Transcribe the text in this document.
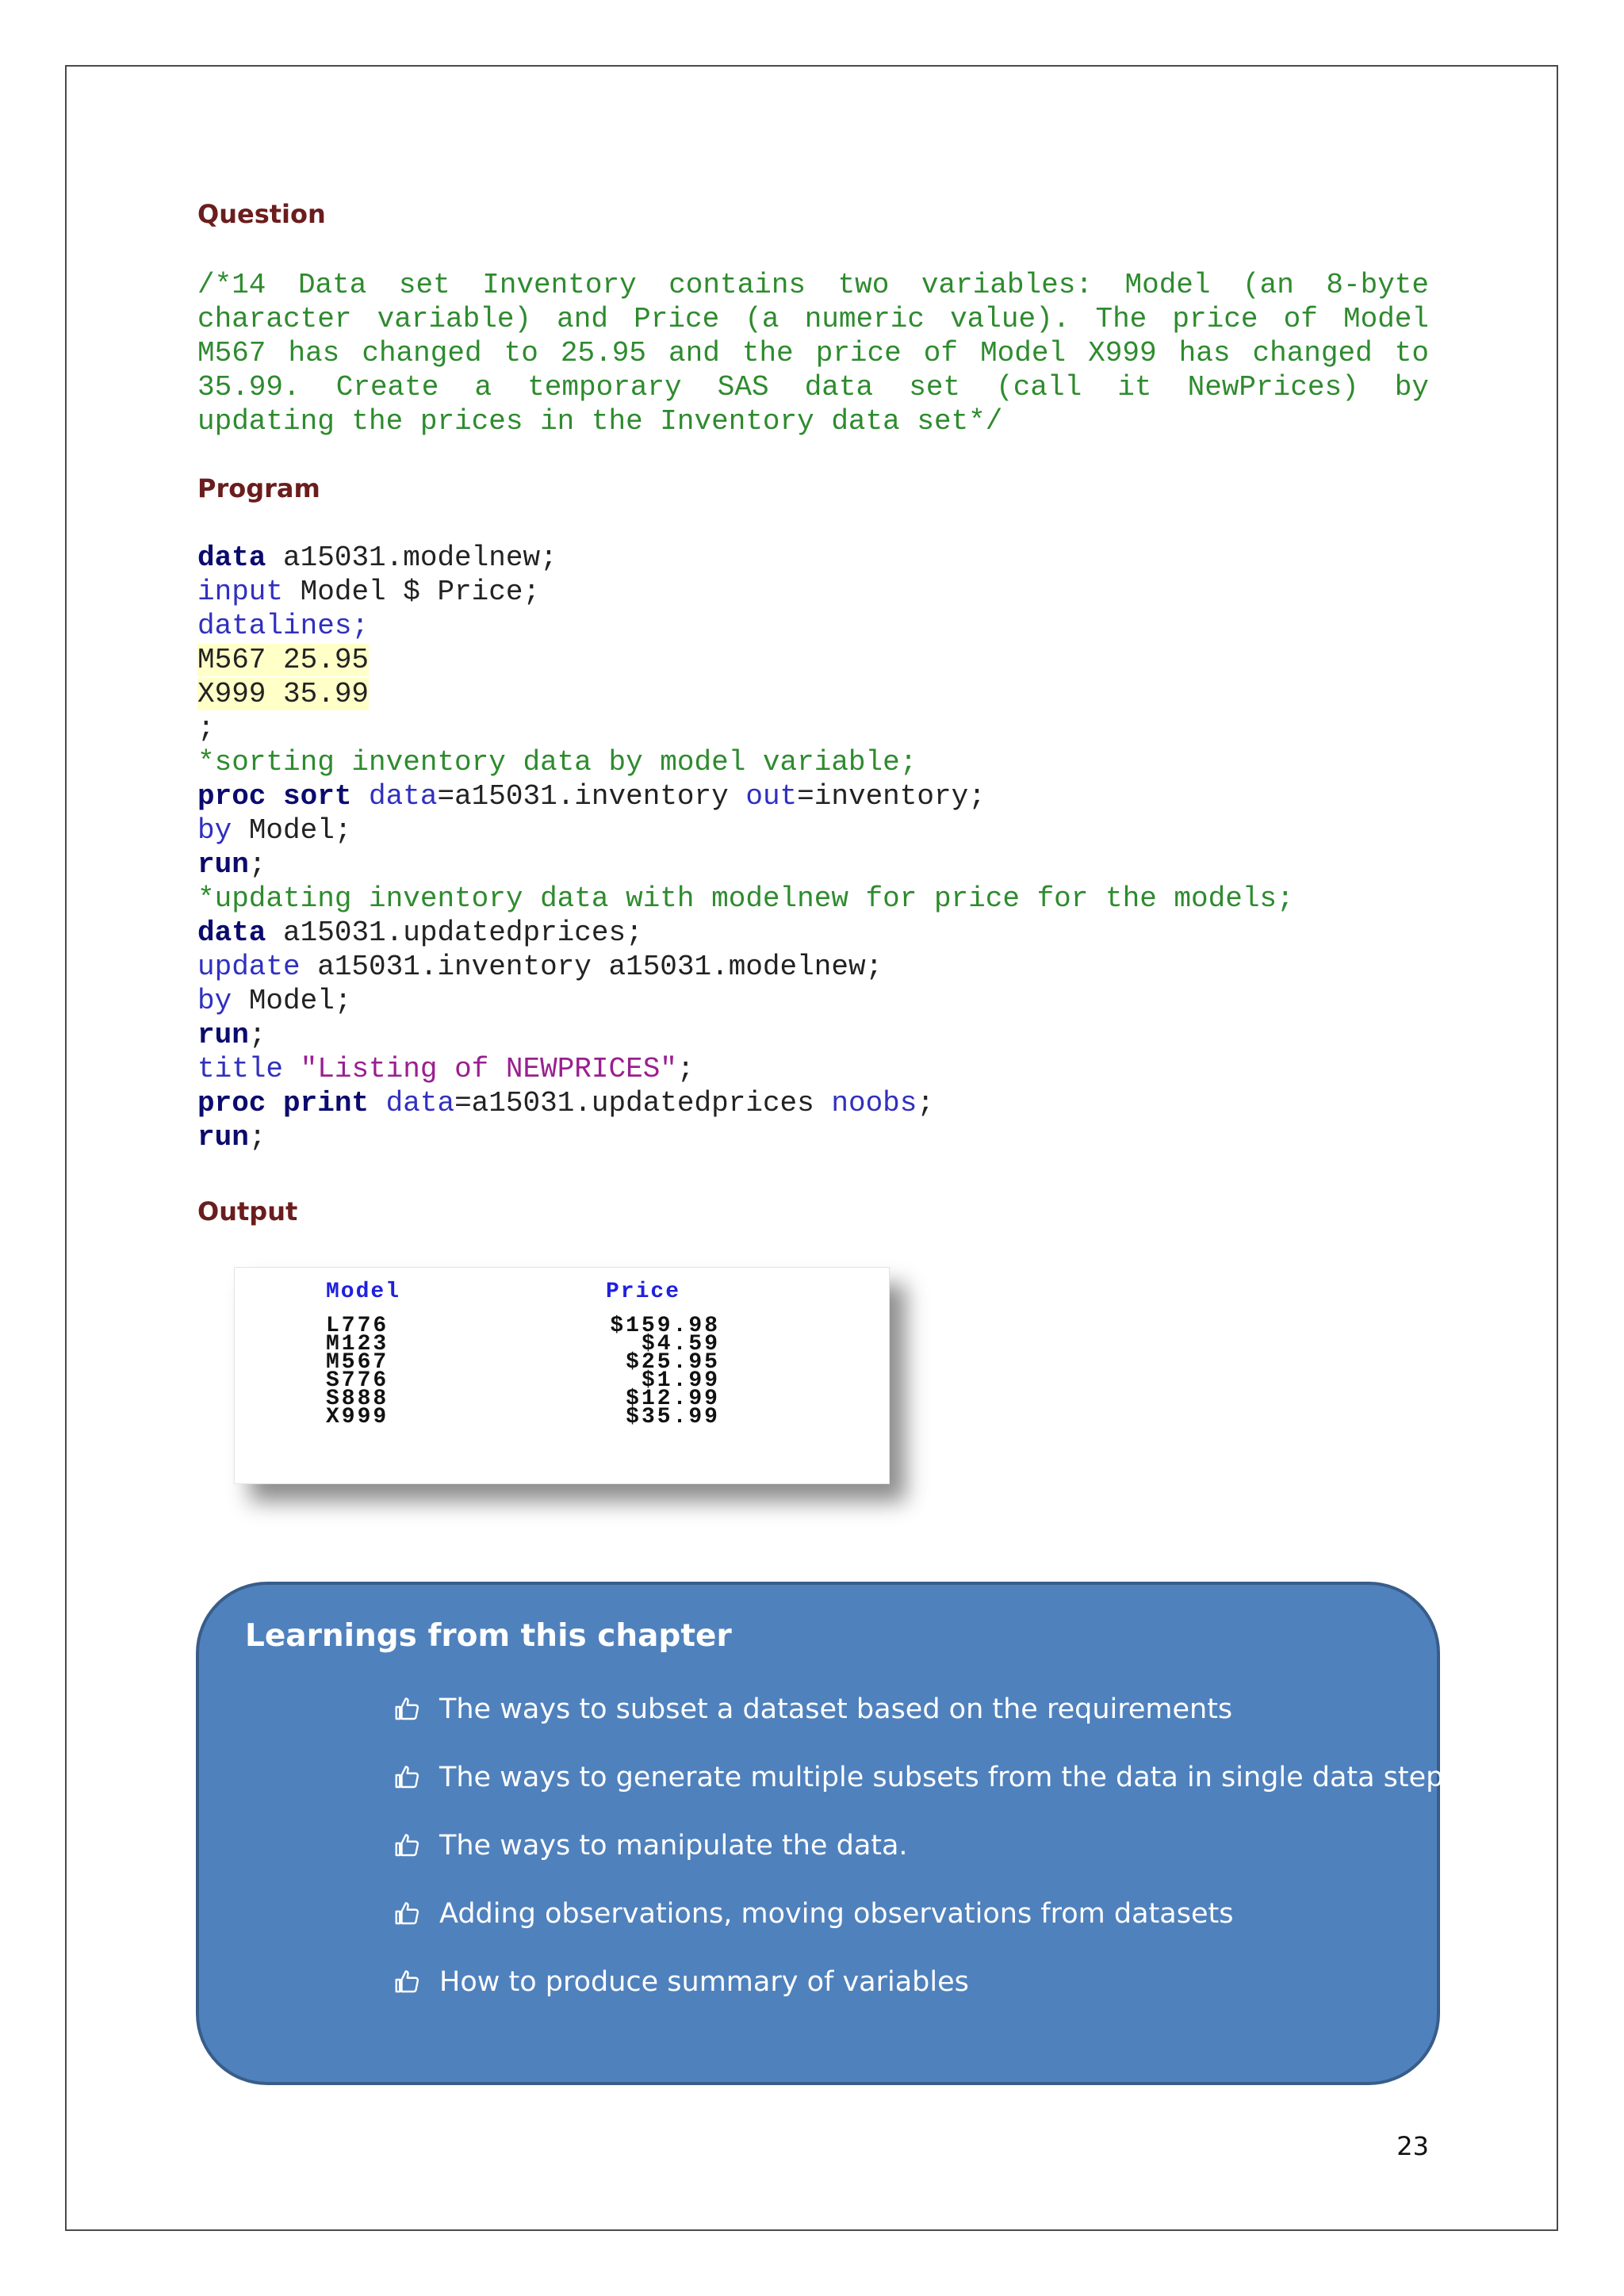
Question
/*14 Data set Inventory contains two variables: Model (an 8-byte
character variable) and Price (a numeric value). The price of Model
M567 has changed to 25.95 and the price of Model X999 has changed to
35.99. Create a temporary SAS data set (call it NewPrices) by
updating the prices in the Inventory data set*/
Program
data a15031.modelnew;
input Model $ Price;
datalines;
M567 25.95
X999 35.99
;
*sorting inventory data by model variable;
proc sort data=a15031.inventory out=inventory;
by Model;
run;
*updating inventory data with modelnew for price for the models;
data a15031.updatedprices;
update a15031.inventory a15031.modelnew;
by Model;
run;
title "Listing of NEWPRICES";
proc print data=a15031.updatedprices noobs;
run;
Output
Model	Price
L776
M123
M567
S776
S888
X999
$159.98
$4.59
$25.95
$1.99
$12.99
$35.99
Learnings from this chapter
The ways to subset a dataset based on the requirements
The ways to generate multiple subsets from the data in single data step
The ways to manipulate the data.
Adding observations, moving observations from datasets
How to produce summary of variables
23
